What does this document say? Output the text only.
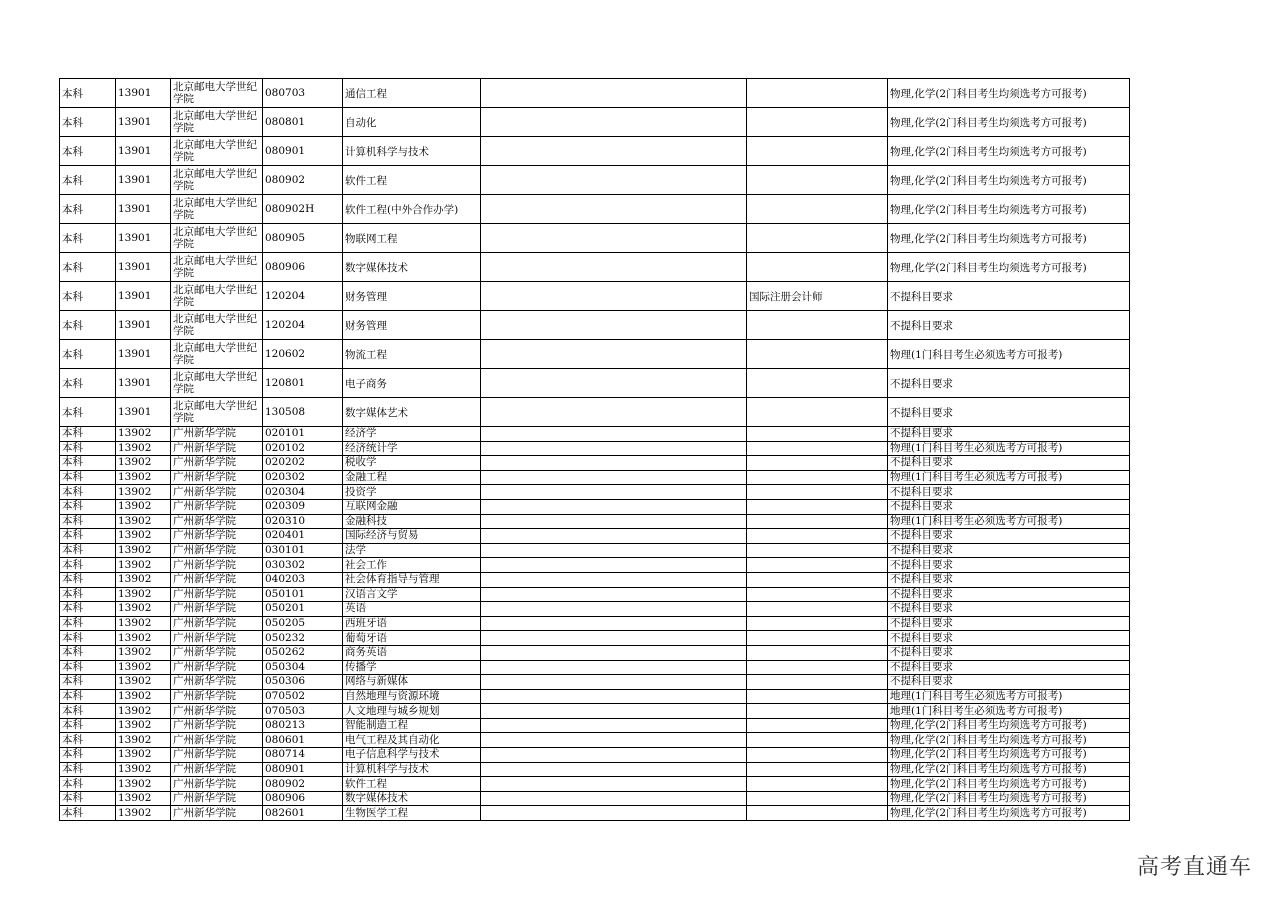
本科	13901	北京邮电大学世纪学院	080703	通信工程			物理,化学(2门科目考生均须选考方可报考)
本科	13901	北京邮电大学世纪学院	080801	自动化			物理,化学(2门科目考生均须选考方可报考)
本科	13901	北京邮电大学世纪学院	080901	计算机科学与技术			物理,化学(2门科目考生均须选考方可报考)
本科	13901	北京邮电大学世纪学院	080902	软件工程			物理,化学(2门科目考生均须选考方可报考)
本科	13901	北京邮电大学世纪学院	080902H	软件工程(中外合作办学)			物理,化学(2门科目考生均须选考方可报考)
本科	13901	北京邮电大学世纪学院	080905	物联网工程			物理,化学(2门科目考生均须选考方可报考)
本科	13901	北京邮电大学世纪学院	080906	数字媒体技术			物理,化学(2门科目考生均须选考方可报考)
本科	13901	北京邮电大学世纪学院	120204	财务管理		国际注册会计师	不提科目要求
本科	13901	北京邮电大学世纪学院	120204	财务管理			不提科目要求
本科	13901	北京邮电大学世纪学院	120602	物流工程			物理(1门科目考生必须选考方可报考)
本科	13901	北京邮电大学世纪学院	120801	电子商务			不提科目要求
本科	13901	北京邮电大学世纪学院	130508	数字媒体艺术			不提科目要求
本科	13902	广州新华学院	020101	经济学			不提科目要求
本科	13902	广州新华学院	020102	经济统计学			物理(1门科目考生必须选考方可报考)
本科	13902	广州新华学院	020202	税收学			不提科目要求
本科	13902	广州新华学院	020302	金融工程			物理(1门科目考生必须选考方可报考)
本科	13902	广州新华学院	020304	投资学			不提科目要求
本科	13902	广州新华学院	020309	互联网金融			不提科目要求
本科	13902	广州新华学院	020310	金融科技			物理(1门科目考生必须选考方可报考)
本科	13902	广州新华学院	020401	国际经济与贸易			不提科目要求
本科	13902	广州新华学院	030101	法学			不提科目要求
本科	13902	广州新华学院	030302	社会工作			不提科目要求
本科	13902	广州新华学院	040203	社会体育指导与管理			不提科目要求
本科	13902	广州新华学院	050101	汉语言文学			不提科目要求
本科	13902	广州新华学院	050201	英语			不提科目要求
本科	13902	广州新华学院	050205	西班牙语			不提科目要求
本科	13902	广州新华学院	050232	葡萄牙语			不提科目要求
本科	13902	广州新华学院	050262	商务英语			不提科目要求
本科	13902	广州新华学院	050304	传播学			不提科目要求
本科	13902	广州新华学院	050306	网络与新媒体			不提科目要求
本科	13902	广州新华学院	070502	自然地理与资源环境			地理(1门科目考生必须选考方可报考)
本科	13902	广州新华学院	070503	人文地理与城乡规划			地理(1门科目考生必须选考方可报考)
本科	13902	广州新华学院	080213	智能制造工程			物理,化学(2门科目考生均须选考方可报考)
本科	13902	广州新华学院	080601	电气工程及其自动化			物理,化学(2门科目考生均须选考方可报考)
本科	13902	广州新华学院	080714	电子信息科学与技术			物理,化学(2门科目考生均须选考方可报考)
本科	13902	广州新华学院	080901	计算机科学与技术			物理,化学(2门科目考生均须选考方可报考)
本科	13902	广州新华学院	080902	软件工程			物理,化学(2门科目考生均须选考方可报考)
本科	13902	广州新华学院	080906	数字媒体技术			物理,化学(2门科目考生均须选考方可报考)
本科	13902	广州新华学院	082601	生物医学工程			物理,化学(2门科目考生均须选考方可报考)
高考直通车
